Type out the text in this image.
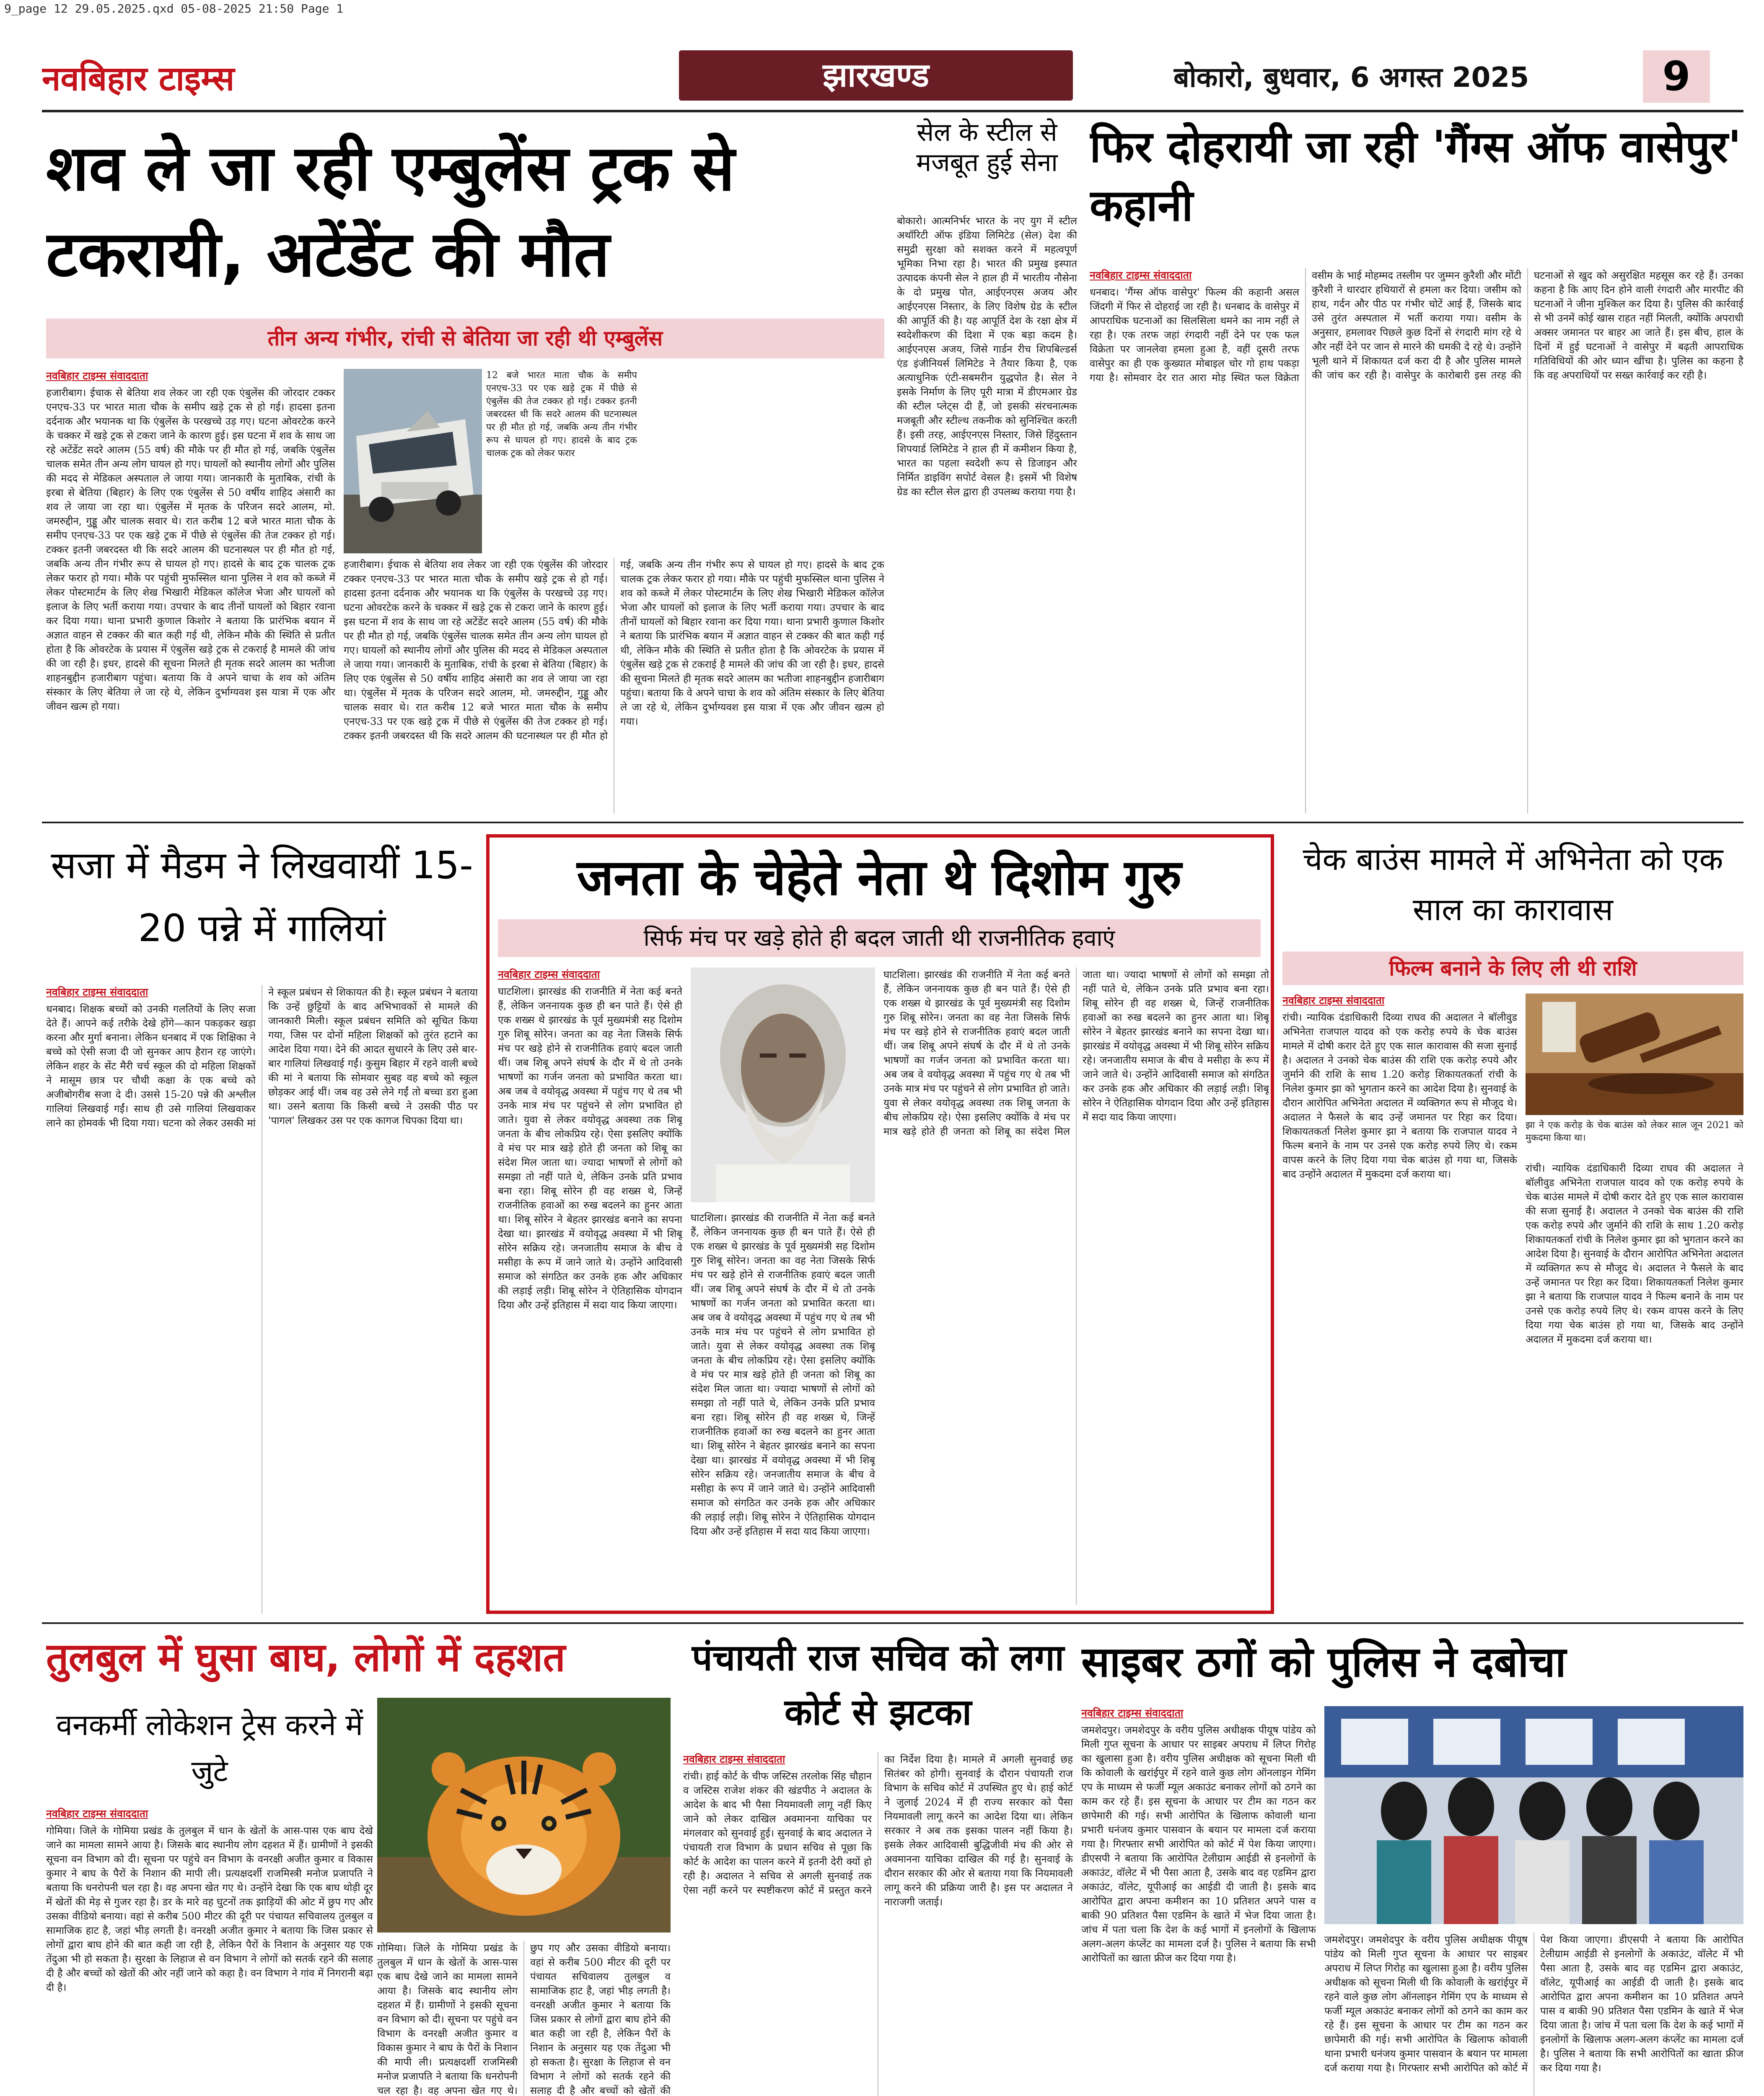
9_page 12 29.05.2025.qxd 05-08-2025 21:50 Page 1
नवबिहार टाइम्स	झारखण्ड	बोकारो, बुधवार, 6 अगस्त 2025	9
शव ले जा रही एम्बुलेंस ट्रक से टकरायी, अटेंडेंट की मौत
तीन अन्य गंभीर, रांची से बेतिया जा रही थी एम्बुलेंस
12 बजे भारत माता चौक के समीप एनएच-33 पर एक खड़े ट्रक में पीछे से एंबुलेंस की तेज टक्कर हो गई। टक्कर इतनी जबरदस्त थी कि सदरे आलम की घटनास्थल पर ही मौत हो गई, जबकि अन्य तीन गंभीर रूप से घायल हो गए। हादसे के बाद ट्रक चालक ट्रक को लेकर फरार
नवबिहार टाइम्स संवाददाता
हजारीबाग। ईचाक से बेतिया शव लेकर जा रही एक एंबुलेंस की जोरदार टक्कर एनएच-33 पर भारत माता चौक के समीप खड़े ट्रक से हो गई। हादसा इतना दर्दनाक और भयानक था कि एंबुलेंस के परखच्चे उड़ गए। घटना ओवरटेक करने के चक्कर में खड़े ट्रक से टकरा जाने के कारण हुई। इस घटना में शव के साथ जा रहे अटेंडेंट सदरे आलम (55 वर्ष) की मौके पर ही मौत हो गई, जबकि एंबुलेंस चालक समेत तीन अन्य लोग घायल हो गए। घायलों को स्थानीय लोगों और पुलिस की मदद से मेडिकल अस्पताल ले जाया गया। जानकारी के मुताबिक, रांची के इरबा से बेतिया (बिहार) के लिए एक एंबुलेंस से 50 वर्षीय शाहिद अंसारी का शव ले जाया जा रहा था। एंबुलेंस में मृतक के परिजन सदरे आलम, मो. जमरुद्दीन, गुड्डू और चालक सवार थे। रात करीब 12 बजे भारत माता चौक के समीप एनएच-33 पर एक खड़े ट्रक में पीछे से एंबुलेंस की तेज टक्कर हो गई। टक्कर इतनी जबरदस्त थी कि सदरे आलम की घटनास्थल पर ही मौत हो गई, जबकि अन्य तीन गंभीर रूप से घायल हो गए। हादसे के बाद ट्रक चालक ट्रक लेकर फरार हो गया। मौके पर पहुंची मुफस्सिल थाना पुलिस ने शव को कब्जे में लेकर पोस्टमार्टम के लिए शेख भिखारी मेडिकल कॉलेज भेजा और घायलों को इलाज के लिए भर्ती कराया गया। उपचार के बाद तीनों घायलों को बिहार रवाना कर दिया गया। थाना प्रभारी कुणाल किशोर ने बताया कि प्रारंभिक बयान में अज्ञात वाहन से टक्कर की बात कही गई थी, लेकिन मौके की स्थिति से प्रतीत होता है कि ओवरटेक के प्रयास में एंबुलेंस खड़े ट्रक से टकराई है मामले की जांच की जा रही है। इधर, हादसे की सूचना मिलते ही मृतक सदरे आलम का भतीजा शाहनबुद्दीन हजारीबाग पहुंचा। बताया कि वे अपने चाचा के शव को अंतिम संस्कार के लिए बेतिया ले जा रहे थे, लेकिन दुर्भाग्यवश इस यात्रा में एक और जीवन खत्म हो गया।
हजारीबाग। ईचाक से बेतिया शव लेकर जा रही एक एंबुलेंस की जोरदार टक्कर एनएच-33 पर भारत माता चौक के समीप खड़े ट्रक से हो गई। हादसा इतना दर्दनाक और भयानक था कि एंबुलेंस के परखच्चे उड़ गए। घटना ओवरटेक करने के चक्कर में खड़े ट्रक से टकरा जाने के कारण हुई। इस घटना में शव के साथ जा रहे अटेंडेंट सदरे आलम (55 वर्ष) की मौके पर ही मौत हो गई, जबकि एंबुलेंस चालक समेत तीन अन्य लोग घायल हो गए। घायलों को स्थानीय लोगों और पुलिस की मदद से मेडिकल अस्पताल ले जाया गया। जानकारी के मुताबिक, रांची के इरबा से बेतिया (बिहार) के लिए एक एंबुलेंस से 50 वर्षीय शाहिद अंसारी का शव ले जाया जा रहा था। एंबुलेंस में मृतक के परिजन सदरे आलम, मो. जमरुद्दीन, गुड्डू और चालक सवार थे। रात करीब 12 बजे भारत माता चौक के समीप एनएच-33 पर एक खड़े ट्रक में पीछे से एंबुलेंस की तेज टक्कर हो गई। टक्कर इतनी जबरदस्त थी कि सदरे आलम की घटनास्थल पर ही मौत हो गई, जबकि अन्य तीन गंभीर रूप से घायल हो गए। हादसे के बाद ट्रक चालक ट्रक लेकर फरार हो गया। मौके पर पहुंची मुफस्सिल थाना पुलिस ने शव को कब्जे में लेकर पोस्टमार्टम के लिए शेख भिखारी मेडिकल कॉलेज भेजा और घायलों को इलाज के लिए भर्ती कराया गया। उपचार के बाद तीनों घायलों को बिहार रवाना कर दिया गया। थाना प्रभारी कुणाल किशोर ने बताया कि प्रारंभिक बयान में अज्ञात वाहन से टक्कर की बात कही गई थी, लेकिन मौके की स्थिति से प्रतीत होता है कि ओवरटेक के प्रयास में एंबुलेंस खड़े ट्रक से टकराई है मामले की जांच की जा रही है। इधर, हादसे की सूचना मिलते ही मृतक सदरे आलम का भतीजा शाहनबुद्दीन हजारीबाग पहुंचा। बताया कि वे अपने चाचा के शव को अंतिम संस्कार के लिए बेतिया ले जा रहे थे, लेकिन दुर्भाग्यवश इस यात्रा में एक और जीवन खत्म हो गया।
सेल के स्टील से मजबूत हुई सेना
बोकारो। आत्मनिर्भर भारत के नए युग में स्टील अथॉरिटी ऑफ इंडिया लिमिटेड (सेल) देश की समुद्री सुरक्षा को सशक्त करने में महत्वपूर्ण भूमिका निभा रहा है। भारत की प्रमुख इस्पात उत्पादक कंपनी सेल ने हाल ही में भारतीय नौसेना के दो प्रमुख पोत, आईएनएस अजय और आईएनएस निस्तार, के लिए विशेष ग्रेड के स्टील की आपूर्ति की है। यह आपूर्ति देश के रक्षा क्षेत्र में स्वदेशीकरण की दिशा में एक बड़ा कदम है। आईएनएस अजय, जिसे गार्डन रीच शिपबिल्डर्स एंड इंजीनियर्स लिमिटेड ने तैयार किया है, एक अत्याधुनिक एंटी-सबमरीन युद्धपोत है। सेल ने इसके निर्माण के लिए पूरी मात्रा में डीएमआर ग्रेड की स्टील प्लेट्स दी हैं, जो इसकी संरचनात्मक मजबूती और स्टील्थ तकनीक को सुनिश्चित करती हैं। इसी तरह, आईएनएस निस्तार, जिसे हिंदुस्तान शिपयार्ड लिमिटेड ने हाल ही में कमीशन किया है, भारत का पहला स्वदेशी रूप से डिजाइन और निर्मित डाइविंग सपोर्ट वेसल है। इसमें भी विशेष ग्रेड का स्टील सेल द्वारा ही उपलब्ध कराया गया है।
फिर दोहरायी जा रही 'गैंग्स ऑफ वासेपुर' कहानी
नवबिहार टाइम्स संवाददाता
धनबाद। 'गैंग्स ऑफ वासेपुर' फिल्म की कहानी असल जिंदगी में फिर से दोहराई जा रही है। धनबाद के वासेपुर में आपराधिक घटनाओं का सिलसिला थमने का नाम नहीं ले रहा है। एक तरफ जहां रंगदारी नहीं देने पर एक फल विक्रेता पर जानलेवा हमला हुआ है, वहीं दूसरी तरफ वासेपुर का ही एक कुख्यात मोबाइल चोर गो हाथ पकड़ा गया है। सोमवार देर रात आरा मोड़ स्थित फल विक्रेता वसीम के भाई मोहम्मद तस्लीम पर जुम्मन कुरैशी और मोंटी कुरैशी ने धारदार हथियारों से हमला कर दिया। जसीम को हाथ, गर्दन और पीठ पर गंभीर चोटें आई हैं, जिसके बाद उसे तुरंत अस्पताल में भर्ती कराया गया। वसीम के अनुसार, हमलावर पिछले कुछ दिनों से रंगदारी मांग रहे थे और नहीं देने पर जान से मारने की धमकी दे रहे थे। उन्होंने भूली थाने में शिकायत दर्ज करा दी है और पुलिस मामले की जांच कर रही है। वासेपुर के कारोबारी इस तरह की घटनाओं से खुद को असुरक्षित महसूस कर रहे हैं। उनका कहना है कि आए दिन होने वाली रंगदारी और मारपीट की घटनाओं ने जीना मुश्किल कर दिया है। पुलिस की कार्रवाई से भी उनमें कोई खास राहत नहीं मिलती, क्योंकि अपराधी अक्सर जमानत पर बाहर आ जाते हैं। इस बीच, हाल के दिनों में हुई घटनाओं ने वासेपुर में बढ़ती आपराधिक गतिविधियों की ओर ध्यान खींचा है। पुलिस का कहना है कि वह अपराधियों पर सख्त कार्रवाई कर रही है।
सजा में मैडम ने लिखवायीं 15-20 पन्ने में गालियां
नवबिहार टाइम्स संवाददाता
धनबाद। शिक्षक बच्चों को उनकी गलतियों के लिए सजा देते हैं। आपने कई तरीके देखे होंगे—कान पकड़कर खड़ा करना और मुर्गा बनाना। लेकिन धनबाद में एक शिक्षिका ने बच्चे को ऐसी सजा दी जो सुनकर आप हैरान रह जाएंगे। लेकिन शहर के सेंट मैरी चर्च स्कूल की दो महिला शिक्षकों ने मासूम छात्र पर चौथी कक्षा के एक बच्चे को अजीबोगरीब सजा दे दी। उससे 15-20 पन्ने की अश्लील गालियां लिखवाई गईं। साथ ही उसे गालियां लिखवाकर लाने का होमवर्क भी दिया गया। घटना को लेकर उसकी मां ने स्कूल प्रबंधन से शिकायत की है। स्कूल प्रबंधन ने बताया कि उन्हें छुट्टियों के बाद अभिभावकों से मामले की जानकारी मिली। स्कूल प्रबंधन समिति को सूचित किया गया, जिस पर दोनों महिला शिक्षकों को तुरंत हटाने का आदेश दिया गया। देने की आदत सुधारने के लिए उसे बार-बार गालियां लिखवाई गईं। कुसुम बिहार में रहने वाली बच्चे की मां ने बताया कि सोमवार सुबह वह बच्चे को स्कूल छोड़कर आई थीं। जब वह उसे लेने गईं तो बच्चा डरा हुआ था। उसने बताया कि किसी बच्चे ने उसकी पीठ पर 'पागल' लिखकर उस पर एक कागज चिपका दिया था।
जनता के चेहेते नेता थे दिशोम गुरु
सिर्फ मंच पर खड़े होते ही बदल जाती थी राजनीतिक हवाएं
नवबिहार टाइम्स संवाददाता
घाटशिला। झारखंड की राजनीति में नेता कई बनते हैं, लेकिन जननायक कुछ ही बन पाते हैं। ऐसे ही एक शख्स थे झारखंड के पूर्व मुख्यमंत्री सह दिशोम गुरु शिबू सोरेन। जनता का वह नेता जिसके सिर्फ मंच पर खड़े होने से राजनीतिक हवाएं बदल जाती थीं। जब शिबू अपने संघर्ष के दौर में थे तो उनके भाषणों का गर्जन जनता को प्रभावित करता था। अब जब वे वयोवृद्ध अवस्था में पहुंच गए थे तब भी उनके मात्र मंच पर पहुंचने से लोग प्रभावित हो जाते। युवा से लेकर वयोवृद्ध अवस्था तक शिबू जनता के बीच लोकप्रिय रहे। ऐसा इसलिए क्योंकि वे मंच पर मात्र खड़े होते ही जनता को शिबू का संदेश मिल जाता था। ज्यादा भाषणों से लोगों को समझा तो नहीं पाते थे, लेकिन उनके प्रति प्रभाव बना रहा। शिबू सोरेन ही वह शख्स थे, जिन्हें राजनीतिक हवाओं का रुख बदलने का हुनर आता था। शिबू सोरेन ने बेहतर झारखंड बनाने का सपना देखा था। झारखंड में वयोवृद्ध अवस्था में भी शिबू सोरेन सक्रिय रहे। जनजातीय समाज के बीच वे मसीहा के रूप में जाने जाते थे। उन्होंने आदिवासी समाज को संगठित कर उनके हक और अधिकार की लड़ाई लड़ी। शिबू सोरेन ने ऐतिहासिक योगदान दिया और उन्हें इतिहास में सदा याद किया जाएगा।
घाटशिला। झारखंड की राजनीति में नेता कई बनते हैं, लेकिन जननायक कुछ ही बन पाते हैं। ऐसे ही एक शख्स थे झारखंड के पूर्व मुख्यमंत्री सह दिशोम गुरु शिबू सोरेन। जनता का वह नेता जिसके सिर्फ मंच पर खड़े होने से राजनीतिक हवाएं बदल जाती थीं। जब शिबू अपने संघर्ष के दौर में थे तो उनके भाषणों का गर्जन जनता को प्रभावित करता था। अब जब वे वयोवृद्ध अवस्था में पहुंच गए थे तब भी उनके मात्र मंच पर पहुंचने से लोग प्रभावित हो जाते। युवा से लेकर वयोवृद्ध अवस्था तक शिबू जनता के बीच लोकप्रिय रहे। ऐसा इसलिए क्योंकि वे मंच पर मात्र खड़े होते ही जनता को शिबू का संदेश मिल जाता था। ज्यादा भाषणों से लोगों को समझा तो नहीं पाते थे, लेकिन उनके प्रति प्रभाव बना रहा। शिबू सोरेन ही वह शख्स थे, जिन्हें राजनीतिक हवाओं का रुख बदलने का हुनर आता था। शिबू सोरेन ने बेहतर झारखंड बनाने का सपना देखा था। झारखंड में वयोवृद्ध अवस्था में भी शिबू सोरेन सक्रिय रहे। जनजातीय समाज के बीच वे मसीहा के रूप में जाने जाते थे। उन्होंने आदिवासी समाज को संगठित कर उनके हक और अधिकार की लड़ाई लड़ी। शिबू सोरेन ने ऐतिहासिक योगदान दिया और उन्हें इतिहास में सदा याद किया जाएगा।
घाटशिला। झारखंड की राजनीति में नेता कई बनते हैं, लेकिन जननायक कुछ ही बन पाते हैं। ऐसे ही एक शख्स थे झारखंड के पूर्व मुख्यमंत्री सह दिशोम गुरु शिबू सोरेन। जनता का वह नेता जिसके सिर्फ मंच पर खड़े होने से राजनीतिक हवाएं बदल जाती थीं। जब शिबू अपने संघर्ष के दौर में थे तो उनके भाषणों का गर्जन जनता को प्रभावित करता था। अब जब वे वयोवृद्ध अवस्था में पहुंच गए थे तब भी उनके मात्र मंच पर पहुंचने से लोग प्रभावित हो जाते। युवा से लेकर वयोवृद्ध अवस्था तक शिबू जनता के बीच लोकप्रिय रहे। ऐसा इसलिए क्योंकि वे मंच पर मात्र खड़े होते ही जनता को शिबू का संदेश मिल जाता था। ज्यादा भाषणों से लोगों को समझा तो नहीं पाते थे, लेकिन उनके प्रति प्रभाव बना रहा। शिबू सोरेन ही वह शख्स थे, जिन्हें राजनीतिक हवाओं का रुख बदलने का हुनर आता था। शिबू सोरेन ने बेहतर झारखंड बनाने का सपना देखा था। झारखंड में वयोवृद्ध अवस्था में भी शिबू सोरेन सक्रिय रहे। जनजातीय समाज के बीच वे मसीहा के रूप में जाने जाते थे। उन्होंने आदिवासी समाज को संगठित कर उनके हक और अधिकार की लड़ाई लड़ी। शिबू सोरेन ने ऐतिहासिक योगदान दिया और उन्हें इतिहास में सदा याद किया जाएगा।
चेक बाउंस मामले में अभिनेता को एक साल का कारावास
फिल्म बनाने के लिए ली थी राशि
नवबिहार टाइम्स संवाददाता
रांची। न्यायिक दंडाधिकारी दिव्या राघव की अदालत ने बॉलीवुड अभिनेता राजपाल यादव को एक करोड़ रुपये के चेक बाउंस मामले में दोषी करार देते हुए एक साल कारावास की सजा सुनाई है। अदालत ने उनको चेक बाउंस की राशि एक करोड़ रुपये और जुर्माने की राशि के साथ 1.20 करोड़ शिकायतकर्ता रांची के निलेश कुमार झा को भुगतान करने का आदेश दिया है। सुनवाई के दौरान आरोपित अभिनेता अदालत में व्यक्तिगत रूप से मौजूद थे। अदालत ने फैसले के बाद उन्हें जमानत पर रिहा कर दिया। शिकायतकर्ता निलेश कुमार झा ने बताया कि राजपाल यादव ने फिल्म बनाने के नाम पर उनसे एक करोड़ रुपये लिए थे। रकम वापस करने के लिए दिया गया चेक बाउंस हो गया था, जिसके बाद उन्होंने अदालत में मुकदमा दर्ज कराया था।
झा ने एक करोड़ के चेक बाउंस को लेकर साल जून 2021 को मुकदमा किया था।
रांची। न्यायिक दंडाधिकारी दिव्या राघव की अदालत ने बॉलीवुड अभिनेता राजपाल यादव को एक करोड़ रुपये के चेक बाउंस मामले में दोषी करार देते हुए एक साल कारावास की सजा सुनाई है। अदालत ने उनको चेक बाउंस की राशि एक करोड़ रुपये और जुर्माने की राशि के साथ 1.20 करोड़ शिकायतकर्ता रांची के निलेश कुमार झा को भुगतान करने का आदेश दिया है। सुनवाई के दौरान आरोपित अभिनेता अदालत में व्यक्तिगत रूप से मौजूद थे। अदालत ने फैसले के बाद उन्हें जमानत पर रिहा कर दिया। शिकायतकर्ता निलेश कुमार झा ने बताया कि राजपाल यादव ने फिल्म बनाने के नाम पर उनसे एक करोड़ रुपये लिए थे। रकम वापस करने के लिए दिया गया चेक बाउंस हो गया था, जिसके बाद उन्होंने अदालत में मुकदमा दर्ज कराया था।
तुलबुल में घुसा बाघ, लोगों में दहशत
वनकर्मी लोकेशन ट्रेस करने में जुटे
नवबिहार टाइम्स संवाददाता
गोमिया। जिले के गोमिया प्रखंड के तुलबुल में धान के खेतों के आस-पास एक बाघ देखे जाने का मामला सामने आया है। जिसके बाद स्थानीय लोग दहशत में हैं। ग्रामीणों ने इसकी सूचना वन विभाग को दी। सूचना पर पहुंचे वन विभाग के वनरक्षी अजीत कुमार व विकास कुमार ने बाघ के पैरों के निशान की मापी ली। प्रत्यक्षदर्शी राजमिस्त्री मनोज प्रजापति ने बताया कि धनरोपनी चल रहा है। वह अपना खेत गए थे। उन्होंने देखा कि एक बाघ थोड़ी दूर में खेतों की मेड़ से गुजर रहा है। डर के मारे वह घुटनों तक झाड़ियों की ओट में छुप गए और उसका वीडियो बनाया। वहां से करीब 500 मीटर की दूरी पर पंचायत सचिवालय तुलबुल व सामाजिक हाट है, जहां भीड़ लगती है। वनरक्षी अजीत कुमार ने बताया कि जिस प्रकार से लोगों द्वारा बाघ होने की बात कही जा रही है, लेकिन पैरों के निशान के अनुसार यह एक तेंदुआ भी हो सकता है। सुरक्षा के लिहाज से वन विभाग ने लोगों को सतर्क रहने की सलाह दी है और बच्चों को खेतों की ओर नहीं जाने को कहा है। वन विभाग ने गांव में निगरानी बढ़ा दी है।
गोमिया। जिले के गोमिया प्रखंड के तुलबुल में धान के खेतों के आस-पास एक बाघ देखे जाने का मामला सामने आया है। जिसके बाद स्थानीय लोग दहशत में हैं। ग्रामीणों ने इसकी सूचना वन विभाग को दी। सूचना पर पहुंचे वन विभाग के वनरक्षी अजीत कुमार व विकास कुमार ने बाघ के पैरों के निशान की मापी ली। प्रत्यक्षदर्शी राजमिस्त्री मनोज प्रजापति ने बताया कि धनरोपनी चल रहा है। वह अपना खेत गए थे। छुप गए और उसका वीडियो बनाया। वहां से करीब 500 मीटर की दूरी पर पंचायत सचिवालय तुलबुल व सामाजिक हाट है, जहां भीड़ लगती है। वनरक्षी अजीत कुमार ने बताया कि जिस प्रकार से लोगों द्वारा बाघ होने की बात कही जा रही है, लेकिन पैरों के निशान के अनुसार यह एक तेंदुआ भी हो सकता है। सुरक्षा के लिहाज से वन विभाग ने लोगों को सतर्क रहने की सलाह दी है और बच्चों को खेतों की
पंचायती राज सचिव को लगा कोर्ट से झटका
नवबिहार टाइम्स संवाददाता
रांची। हाई कोर्ट के चीफ जस्टिस तरलोक सिंह चौहान व जस्टिस राजेश शंकर की खंडपीठ ने अदालत के आदेश के बाद भी पैसा नियमावली लागू नहीं किए जाने को लेकर दाखिल अवमानना याचिका पर मंगलवार को सुनवाई हुई। सुनवाई के बाद अदालत ने पंचायती राज विभाग के प्रधान सचिव से पूछा कि कोर्ट के आदेश का पालन करने में इतनी देरी क्यों हो रही है। अदालत ने सचिव से अगली सुनवाई तक ऐसा नहीं करने पर स्पष्टीकरण कोर्ट में प्रस्तुत करने का निर्देश दिया है। मामले में अगली सुनवाई छह सितंबर को होगी। सुनवाई के दौरान पंचायती राज विभाग के सचिव कोर्ट में उपस्थित हुए थे। हाई कोर्ट ने जुलाई 2024 में ही राज्य सरकार को पैसा नियमावली लागू करने का आदेश दिया था। लेकिन सरकार ने अब तक इसका पालन नहीं किया है। इसके लेकर आदिवासी बुद्धिजीवी मंच की ओर से अवमानना याचिका दाखिल की गई है। सुनवाई के दौरान सरकार की ओर से बताया गया कि नियमावली लागू करने की प्रक्रिया जारी है। इस पर अदालत ने नाराजगी जताई।
साइबर ठगों को पुलिस ने दबोचा
नवबिहार टाइम्स संवाददाता
जमशेदपुर। जमशेदपुर के वरीय पुलिस अधीक्षक पीयूष पांडेय को मिली गुप्त सूचना के आधार पर साइबर अपराध में लिप्त गिरोह का खुलासा हुआ है। वरीय पुलिस अधीक्षक को सूचना मिली थी कि कोवाली के खरांईपुर में रहने वाले कुछ लोग ऑनलाइन गेमिंग एप के माध्यम से फर्जी म्यूल अकाउंट बनाकर लोगों को ठगने का काम कर रहे हैं। इस सूचना के आधार पर टीम का गठन कर छापेमारी की गई। सभी आरोपित के खिलाफ कोवाली थाना प्रभारी धनंजय कुमार पासवान के बयान पर मामला दर्ज कराया गया है। गिरफ्तार सभी आरोपित को कोर्ट में पेश किया जाएगा। डीएसपी ने बताया कि आरोपित टेलीग्राम आईडी से इनलोगों के अकाउंट, वॉलेट में भी पैसा आता है, उसके बाद वह एडमिन द्वारा अकाउंट, वॉलेट, यूपीआई का आईडी दी जाती है। इसके बाद आरोपित द्वारा अपना कमीशन का 10 प्रतिशत अपने पास व बाकी 90 प्रतिशत पैसा एडमिन के खाते में भेज दिया जाता है। जांच में पता चला कि देश के कई भागों में इनलोगों के खिलाफ अलग-अलग कंप्लेंट का मामला दर्ज है। पुलिस ने बताया कि सभी आरोपितों का खाता फ्रीज कर दिया गया है।
जमशेदपुर। जमशेदपुर के वरीय पुलिस अधीक्षक पीयूष पांडेय को मिली गुप्त सूचना के आधार पर साइबर अपराध में लिप्त गिरोह का खुलासा हुआ है। वरीय पुलिस अधीक्षक को सूचना मिली थी कि कोवाली के खरांईपुर में रहने वाले कुछ लोग ऑनलाइन गेमिंग एप के माध्यम से फर्जी म्यूल अकाउंट बनाकर लोगों को ठगने का काम कर रहे हैं। इस सूचना के आधार पर टीम का गठन कर छापेमारी की गई। सभी आरोपित के खिलाफ कोवाली थाना प्रभारी धनंजय कुमार पासवान के बयान पर मामला दर्ज कराया गया है। गिरफ्तार सभी आरोपित को कोर्ट में पेश किया जाएगा। डीएसपी ने बताया कि आरोपित टेलीग्राम आईडी से इनलोगों के अकाउंट, वॉलेट में भी पैसा आता है, उसके बाद वह एडमिन द्वारा अकाउंट, वॉलेट, यूपीआई का आईडी दी जाती है। इसके बाद आरोपित द्वारा अपना कमीशन का 10 प्रतिशत अपने पास व बाकी 90 प्रतिशत पैसा एडमिन के खाते में भेज दिया जाता है। जांच में पता चला कि देश के कई भागों में इनलोगों के खिलाफ अलग-अलग कंप्लेंट का मामला दर्ज है। पुलिस ने बताया कि सभी आरोपितों का खाता फ्रीज कर दिया गया है।
